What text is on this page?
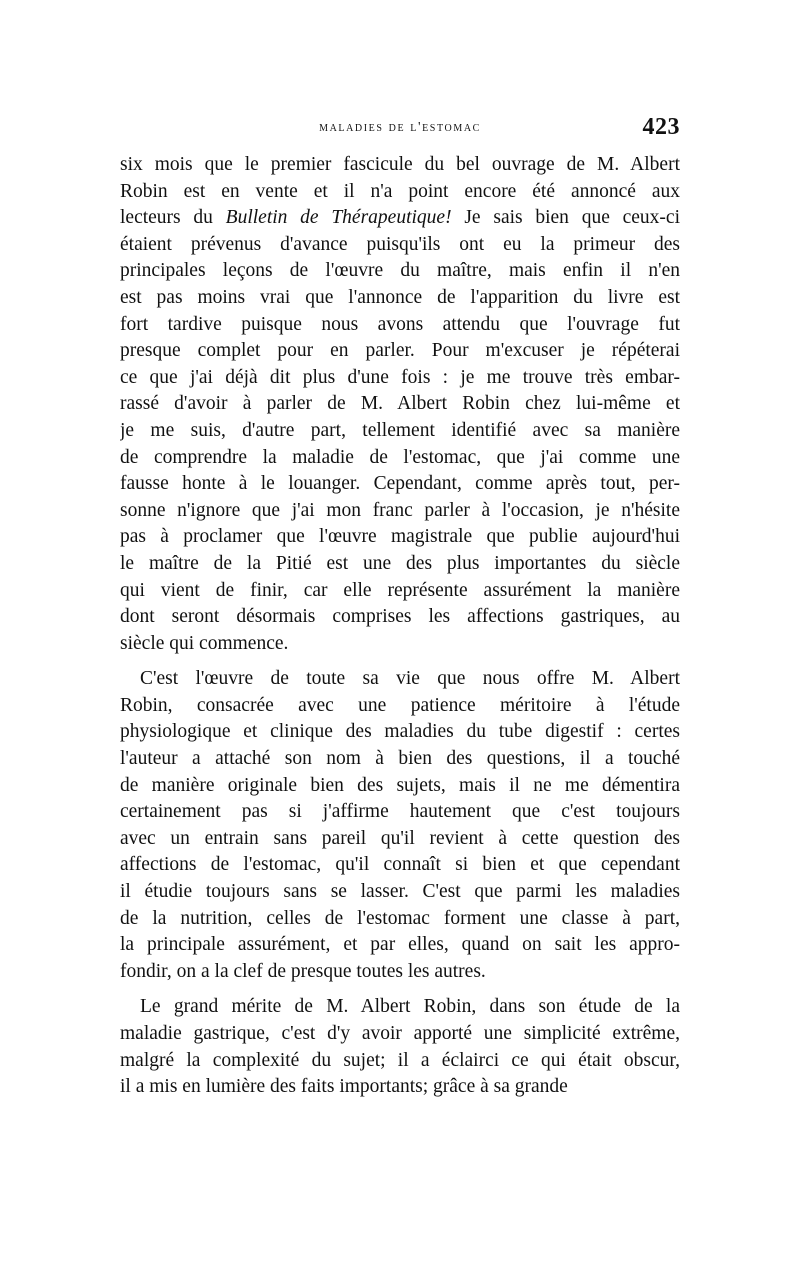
maladies de l'estomac	423
six mois que le premier fascicule du bel ouvrage de M. Albert
Robin est en vente et il n'a point encore été annoncé aux
lecteurs du Bulletin de Thérapeutique! Je sais bien que ceux-ci
étaient prévenus d'avance puisqu'ils ont eu la primeur des
principales leçons de l'œuvre du maître, mais enfin il n'en
est pas moins vrai que l'annonce de l'apparition du livre est
fort tardive puisque nous avons attendu que l'ouvrage fut
presque complet pour en parler. Pour m'excuser je répéterai
ce que j'ai déjà dit plus d'une fois : je me trouve très embar-
rassé d'avoir à parler de M. Albert Robin chez lui-même et
je me suis, d'autre part, tellement identifié avec sa manière
de comprendre la maladie de l'estomac, que j'ai comme une
fausse honte à le louanger. Cependant, comme après tout, per-
sonne n'ignore que j'ai mon franc parler à l'occasion, je n'hésite
pas à proclamer que l'œuvre magistrale que publie aujourd'hui
le maître de la Pitié est une des plus importantes du siècle
qui vient de finir, car elle représente assurément la manière
dont seront désormais comprises les affections gastriques, au
siècle qui commence.
C'est l'œuvre de toute sa vie que nous offre M. Albert
Robin, consacrée avec une patience méritoire à l'étude
physiologique et clinique des maladies du tube digestif : certes
l'auteur a attaché son nom à bien des questions, il a touché
de manière originale bien des sujets, mais il ne me démentira
certainement pas si j'affirme hautement que c'est toujours
avec un entrain sans pareil qu'il revient à cette question des
affections de l'estomac, qu'il connaît si bien et que cependant
il étudie toujours sans se lasser. C'est que parmi les maladies
de la nutrition, celles de l'estomac forment une classe à part,
la principale assurément, et par elles, quand on sait les appro-
fondir, on a la clef de presque toutes les autres.
Le grand mérite de M. Albert Robin, dans son étude de la
maladie gastrique, c'est d'y avoir apporté une simplicité extrême,
malgré la complexité du sujet; il a éclairci ce qui était obscur,
il a mis en lumière des faits importants; grâce à sa grande
